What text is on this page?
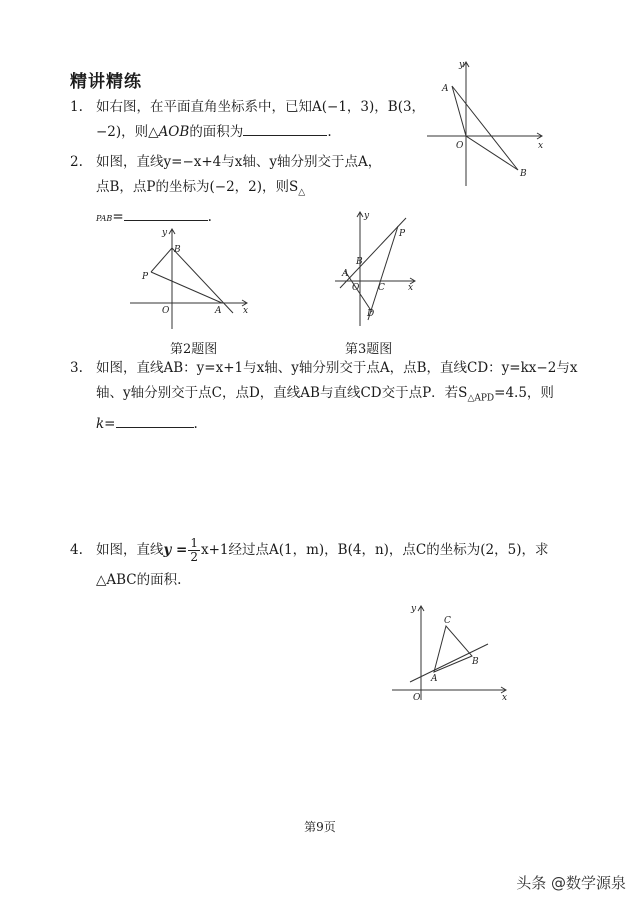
精讲精练
1. 如右图，在平面直角坐标系中，已知A(−1，3)，B(3，
−2)，则△AOB的面积为	.
y
x
O
A
B
2. 如图，直线y=−x+4与x轴、y轴分别交于点A，
点B，点P的坐标为(−2，2)，则$S_\triangle$
PAB=	.
y
x
O	A
B
P
第2题图
y
x
O
A
B
C
D
P
第3题图
3. 如图，直线AB：y=x+1与x轴、y轴分别交于点A，点B，直线CD：y=kx−2与x
轴、y轴分别交于点C，点D，直线AB与直线CD交于点P．若$S_{\triangle APD}=4.5$，则
k=	.
4. 如图，直线$y = \frac{1}{2} x+1$经过点A(1，m)，B(4，n)，点C的坐标为(2，5)，求
△ABC的面积.
y
x
O
A
B
C
第9页
头条 @数学源泉
